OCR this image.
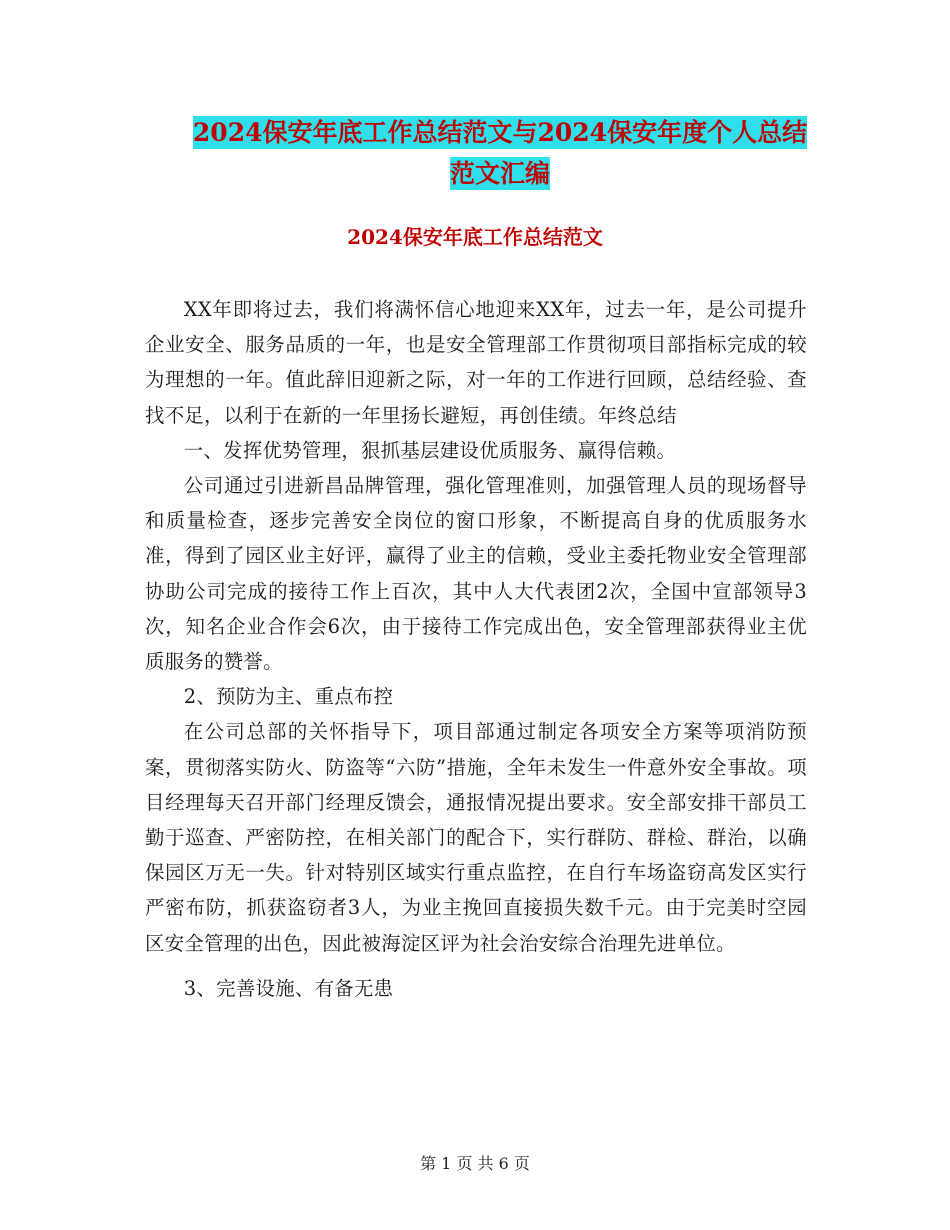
2024保安年底工作总结范文与2024保安年度个人总结
范文汇编
2024保安年底工作总结范文

XX年即将过去，我们将满怀信心地迎来XX年，过去一年，是公司提升企业安全、服务品质的一年，也是安全管理部工作贯彻项目部指标完成的较为理想的一年。值此辞旧迎新之际，对一年的工作进行回顾，总结经验、查找不足，以利于在新的一年里扬长避短，再创佳绩。年终总结

一、发挥优势管理，狠抓基层建设优质服务、赢得信赖。

公司通过引进新昌品牌管理，强化管理准则，加强管理人员的现场督导和质量检查，逐步完善安全岗位的窗口形象，不断提高自身的优质服务水准，得到了园区业主好评，赢得了业主的信赖，受业主委托物业安全管理部协助公司完成的接待工作上百次，其中人大代表团2次，全国中宣部领导3次，知名企业合作会6次，由于接待工作完成出色，安全管理部获得业主优质服务的赞誉。

2、预防为主、重点布控

在公司总部的关怀指导下，项目部通过制定各项安全方案等项消防预案，贯彻落实防火、防盗等“六防”措施，全年未发生一件意外安全事故。项目经理每天召开部门经理反馈会，通报情况提出要求。安全部安排干部员工勤于巡查、严密防控，在相关部门的配合下，实行群防、群检、群治，以确保园区万无一失。针对特别区域实行重点监控，在自行车场盗窃高发区实行严密布防，抓获盗窃者3人，为业主挽回直接损失数千元。由于完美时空园区安全管理的出色，因此被海淀区评为社会治安综合治理先进单位。

3、完善设施、有备无患

第 1 页 共 6 页
